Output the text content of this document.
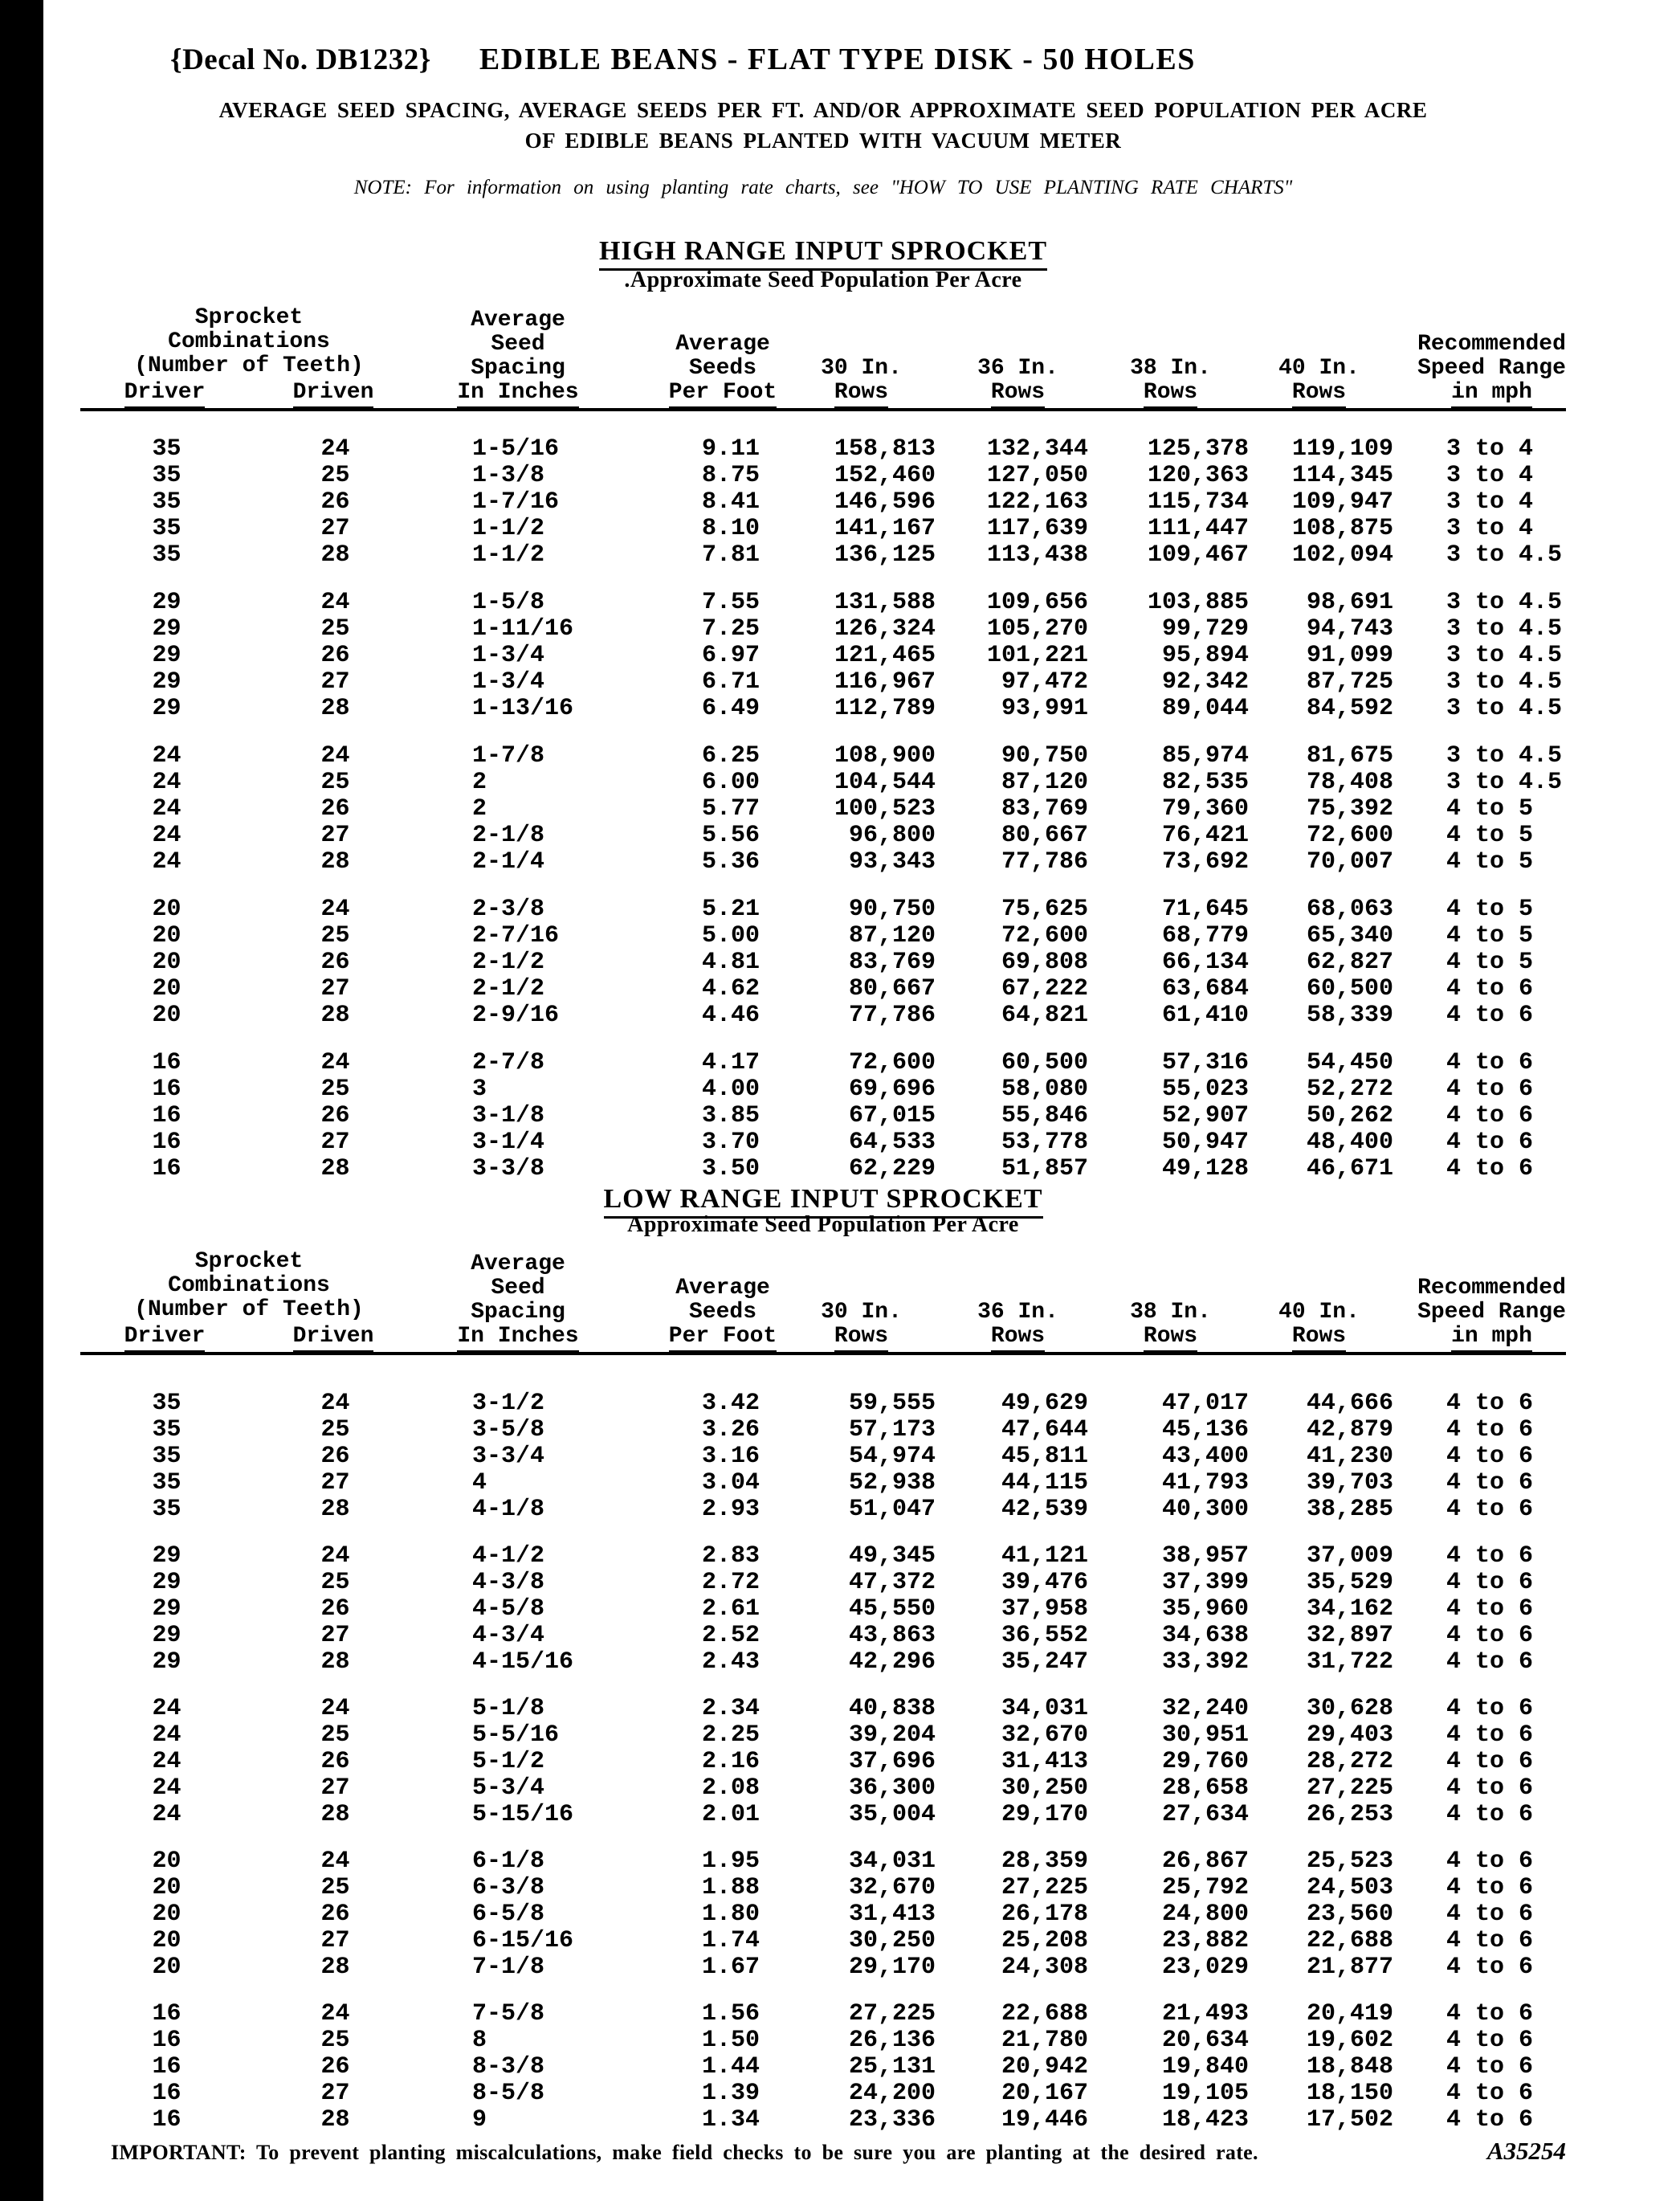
{Decal No. DB1232} EDIBLE BEANS - FLAT TYPE DISK - 50 HOLES
AVERAGE SEED SPACING, AVERAGE SEEDS PER FT. AND/OR APPROXIMATE SEED POPULATION PER ACRE
OF EDIBLE BEANS PLANTED WITH VACUUM METER
NOTE: For information on using planting rate charts, see "HOW TO USE PLANTING RATE CHARTS"
HIGH RANGE INPUT SPROCKET
.Approximate Seed Population Per Acre
Sprocket
Combinations
(Number of Teeth)
Driver	Driven
Average
Seed
Spacing
In Inches
Average
Seeds
Per Foot
30 In.
Rows
36 In.
Rows
38 In.
Rows
40 In.
Rows
Recommended
Speed Range
in mph
35	24	1-5/16	9.11	158,813	132,344	125,378	119,109	3 to 4
35	25	1-3/8	8.75	152,460	127,050	120,363	114,345	3 to 4
35	26	1-7/16	8.41	146,596	122,163	115,734	109,947	3 to 4
35	27	1-1/2	8.10	141,167	117,639	111,447	108,875	3 to 4
35	28	1-1/2	7.81	136,125	113,438	109,467	102,094	3 to 4.5
29	24	1-5/8	7.55	131,588	109,656	103,885	98,691	3 to 4.5
29	25	1-11/16	7.25	126,324	105,270	99,729	94,743	3 to 4.5
29	26	1-3/4	6.97	121,465	101,221	95,894	91,099	3 to 4.5
29	27	1-3/4	6.71	116,967	97,472	92,342	87,725	3 to 4.5
29	28	1-13/16	6.49	112,789	93,991	89,044	84,592	3 to 4.5
24	24	1-7/8	6.25	108,900	90,750	85,974	81,675	3 to 4.5
24	25	2	6.00	104,544	87,120	82,535	78,408	3 to 4.5
24	26	2	5.77	100,523	83,769	79,360	75,392	4 to 5
24	27	2-1/8	5.56	96,800	80,667	76,421	72,600	4 to 5
24	28	2-1/4	5.36	93,343	77,786	73,692	70,007	4 to 5
20	24	2-3/8	5.21	90,750	75,625	71,645	68,063	4 to 5
20	25	2-7/16	5.00	87,120	72,600	68,779	65,340	4 to 5
20	26	2-1/2	4.81	83,769	69,808	66,134	62,827	4 to 5
20	27	2-1/2	4.62	80,667	67,222	63,684	60,500	4 to 6
20	28	2-9/16	4.46	77,786	64,821	61,410	58,339	4 to 6
16	24	2-7/8	4.17	72,600	60,500	57,316	54,450	4 to 6
16	25	3	4.00	69,696	58,080	55,023	52,272	4 to 6
16	26	3-1/8	3.85	67,015	55,846	52,907	50,262	4 to 6
16	27	3-1/4	3.70	64,533	53,778	50,947	48,400	4 to 6
16	28	3-3/8	3.50	62,229	51,857	49,128	46,671	4 to 6
LOW RANGE INPUT SPROCKET
Approximate Seed Population Per Acre
Sprocket
Combinations
(Number of Teeth)
Driver	Driven
Average
Seed
Spacing
In Inches
Average
Seeds
Per Foot
30 In.
Rows
36 In.
Rows
38 In.
Rows
40 In.
Rows
Recommended
Speed Range
in mph
35	24	3-1/2	3.42	59,555	49,629	47,017	44,666	4 to 6
35	25	3-5/8	3.26	57,173	47,644	45,136	42,879	4 to 6
35	26	3-3/4	3.16	54,974	45,811	43,400	41,230	4 to 6
35	27	4	3.04	52,938	44,115	41,793	39,703	4 to 6
35	28	4-1/8	2.93	51,047	42,539	40,300	38,285	4 to 6
29	24	4-1/2	2.83	49,345	41,121	38,957	37,009	4 to 6
29	25	4-3/8	2.72	47,372	39,476	37,399	35,529	4 to 6
29	26	4-5/8	2.61	45,550	37,958	35,960	34,162	4 to 6
29	27	4-3/4	2.52	43,863	36,552	34,638	32,897	4 to 6
29	28	4-15/16	2.43	42,296	35,247	33,392	31,722	4 to 6
24	24	5-1/8	2.34	40,838	34,031	32,240	30,628	4 to 6
24	25	5-5/16	2.25	39,204	32,670	30,951	29,403	4 to 6
24	26	5-1/2	2.16	37,696	31,413	29,760	28,272	4 to 6
24	27	5-3/4	2.08	36,300	30,250	28,658	27,225	4 to 6
24	28	5-15/16	2.01	35,004	29,170	27,634	26,253	4 to 6
20	24	6-1/8	1.95	34,031	28,359	26,867	25,523	4 to 6
20	25	6-3/8	1.88	32,670	27,225	25,792	24,503	4 to 6
20	26	6-5/8	1.80	31,413	26,178	24,800	23,560	4 to 6
20	27	6-15/16	1.74	30,250	25,208	23,882	22,688	4 to 6
20	28	7-1/8	1.67	29,170	24,308	23,029	21,877	4 to 6
16	24	7-5/8	1.56	27,225	22,688	21,493	20,419	4 to 6
16	25	8	1.50	26,136	21,780	20,634	19,602	4 to 6
16	26	8-3/8	1.44	25,131	20,942	19,840	18,848	4 to 6
16	27	8-5/8	1.39	24,200	20,167	19,105	18,150	4 to 6
16	28	9	1.34	23,336	19,446	18,423	17,502	4 to 6
IMPORTANT: To prevent planting miscalculations, make field checks to be sure you are planting at the desired rate.	A35254
